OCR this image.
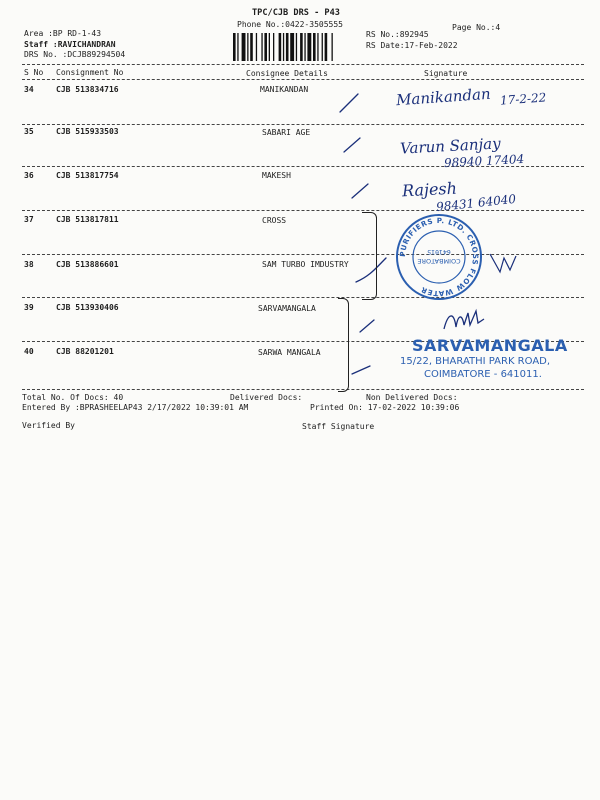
TPC/CJB DRS - P43
Phone No.:0422-3505555	Page No.:4
Area :BP RD-1-43
Staff :RAVICHANDRAN
DRS No. :DCJB89294504
RS No.:892945
RS Date:17-Feb-2022
S No Consignment No	Consignee Details	Signature
34	CJB 513834716	MANIKANDAN
35	CJB 515933503	SABARI AGE
36	CJB 513817754	MAKESH
37	CJB 513817811	CROSS
38	CJB 513886601	SAM TURBO IMDUSTRY
39	CJB 513930406	SARVAMANGALA
40	CJB 88201201	SARWA MANGALA
Manikandan 17-2-22
Varun Sanjay
98940 17404
Rajesh
98431 64040
PURIFIERS P. LTD. CROSS FLOW WATER
COIMBATORE
641015
SARVAMANGALA
15/22, BHARATHI PARK ROAD,
COIMBATORE - 641011.
Total No. Of Docs: 40	Delivered Docs:	Non Delivered Docs:
Entered By :BPRASHEELAP43 2/17/2022 10:39:01 AM	Printed On: 17-02-2022 10:39:06
Verified By	Staff Signature
